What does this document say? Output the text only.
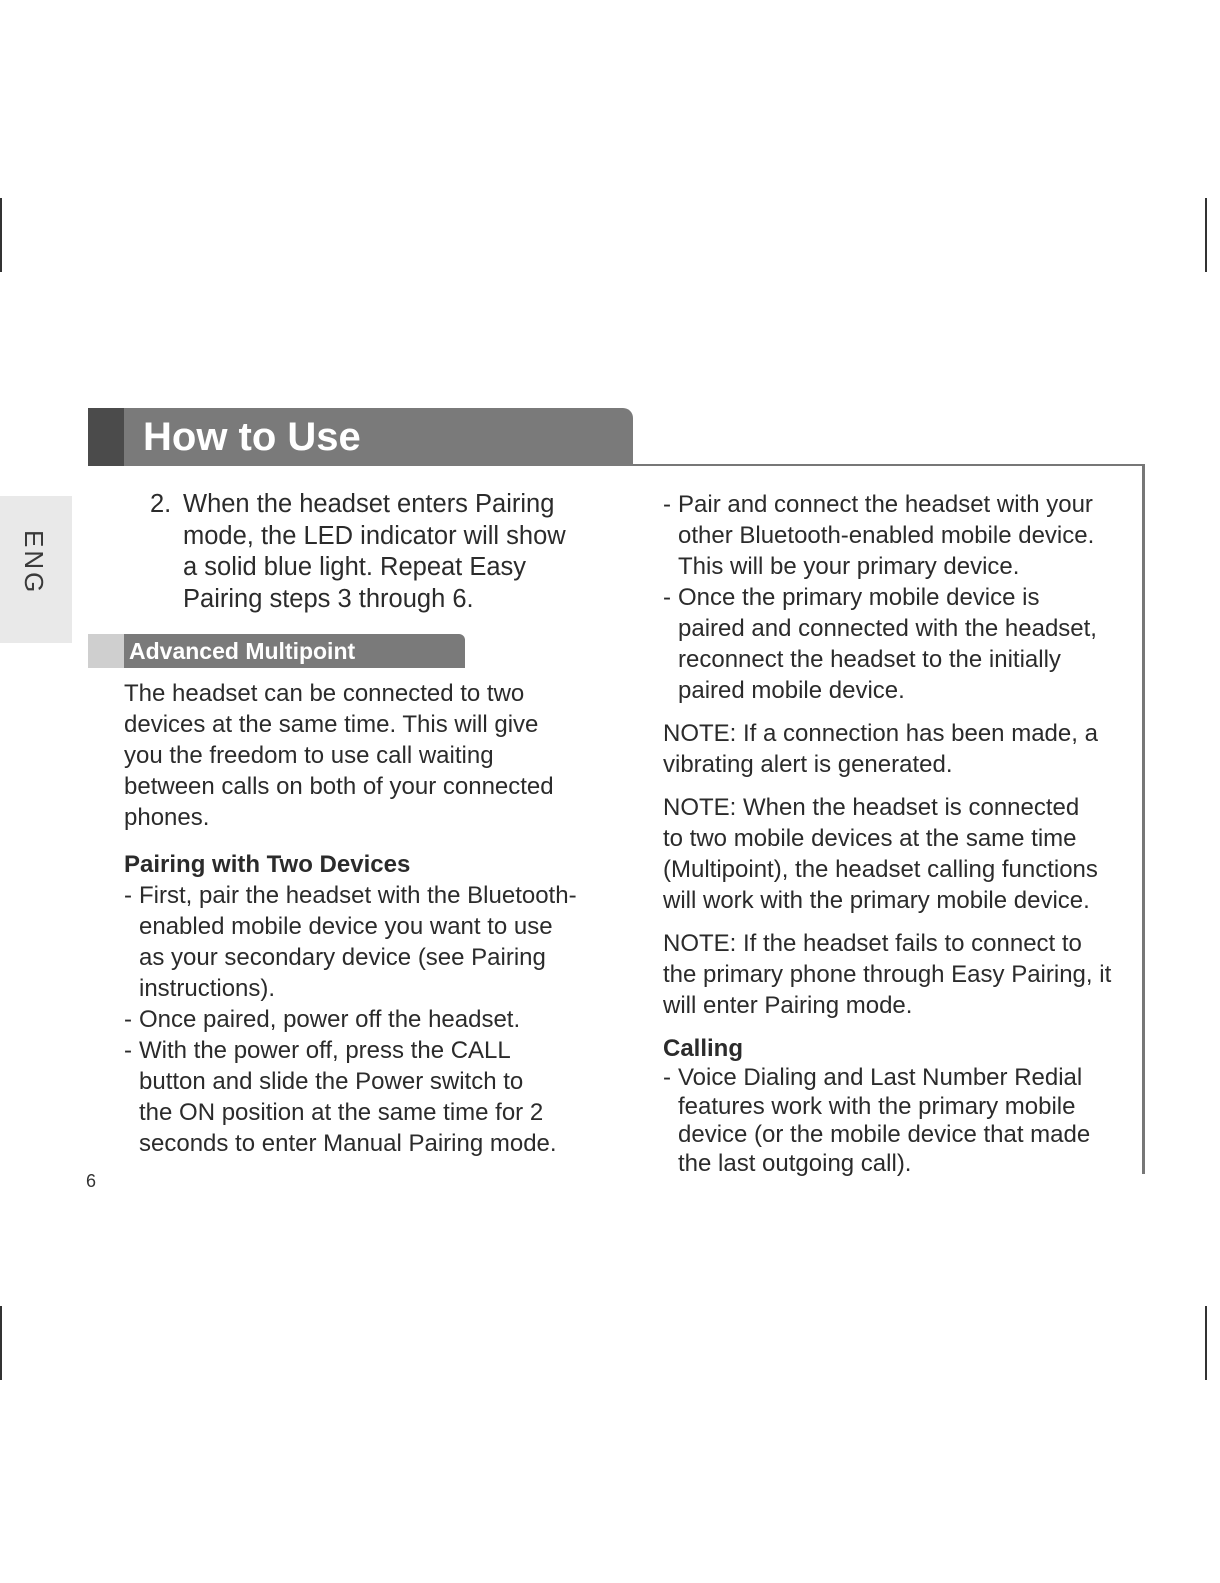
ENG
How to Use
2. When the headset enters Pairing
mode, the LED indicator will show
a solid blue light. Repeat Easy
Pairing steps 3 through 6.
Advanced Multipoint
The headset can be connected to two
devices at the same time. This will give
you the freedom to use call waiting
between calls on both of your connected
phones.
Pairing with Two Devices
- First, pair the headset with the Bluetooth-
enabled mobile device you want to use
as your secondary device (see Pairing
instructions).
- Once paired, power off the headset.
- With the power off, press the CALL
button and slide the Power switch to
the ON position at the same time for 2
seconds to enter Manual Pairing mode.
6
- Pair and connect the headset with your
other Bluetooth-enabled mobile device.
This will be your primary device.
- Once the primary mobile device is
paired and connected with the headset,
reconnect the headset to the initially
paired mobile device.
NOTE: If a connection has been made, a
vibrating alert is generated.
NOTE: When the headset is connected
to two mobile devices at the same time
(Multipoint), the headset calling functions
will work with the primary mobile device.
NOTE: If the headset fails to connect to
the primary phone through Easy Pairing, it
will enter Pairing mode.
Calling
- Voice Dialing and Last Number Redial
features work with the primary mobile
device (or the mobile device that made
the last outgoing call).
